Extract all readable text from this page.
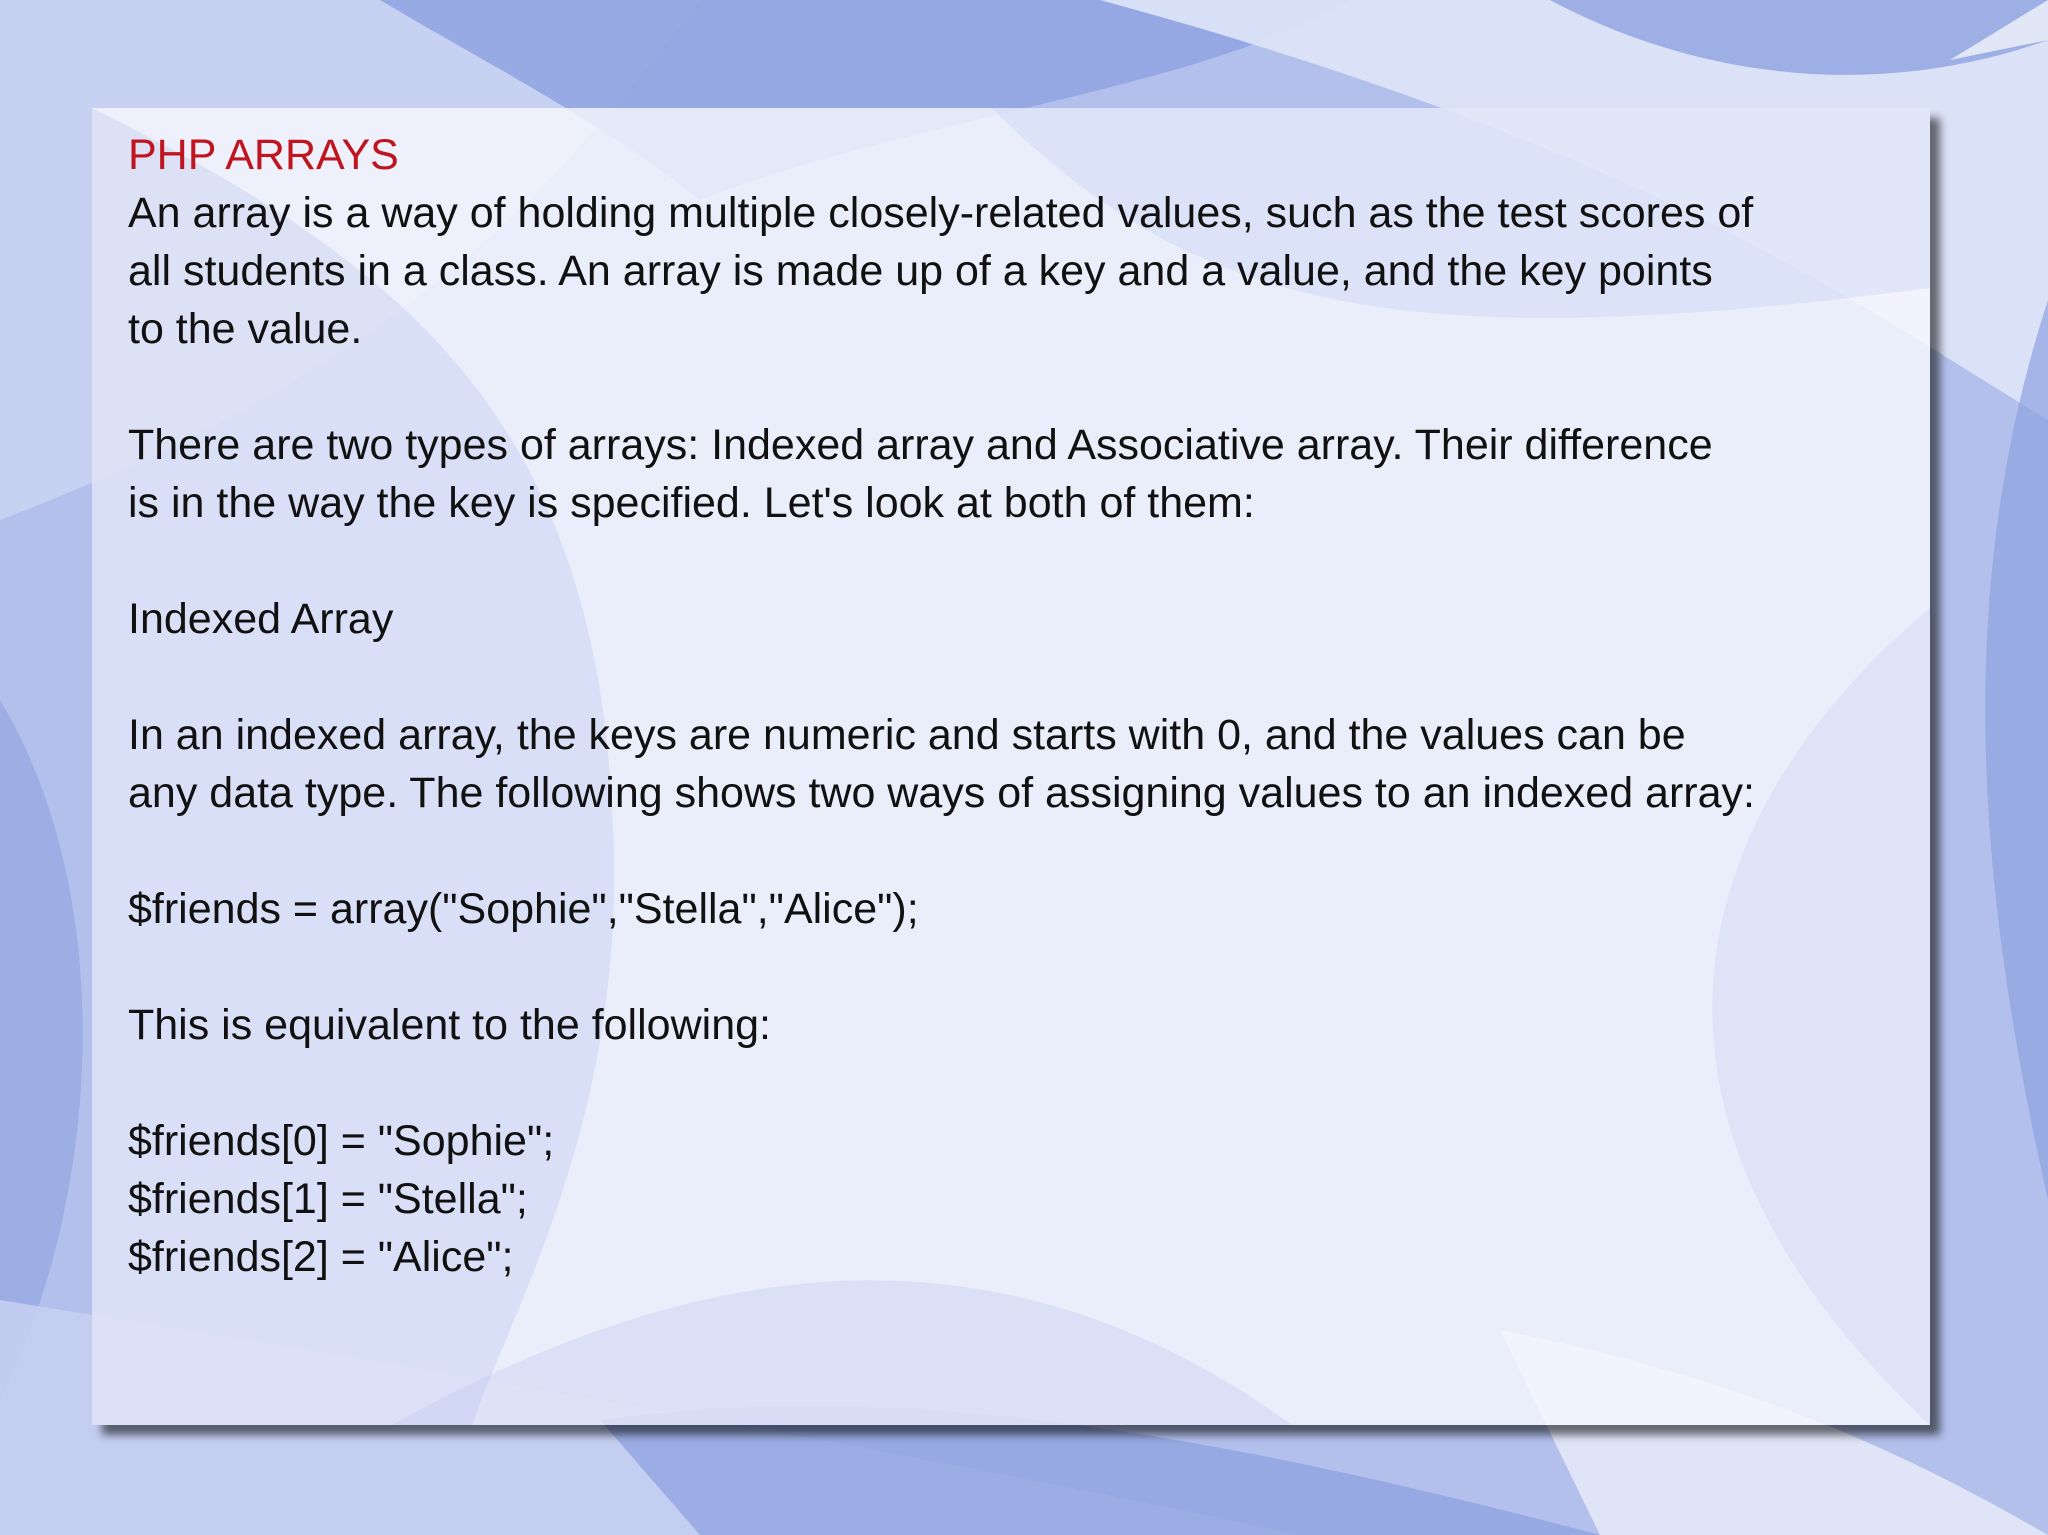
PHP ARRAYS
An array is a way of holding multiple closely-related values, such as the test scores of
all students in a class. An array is made up of a key and a value, and the key points
to the value.
There are two types of arrays: Indexed array and Associative array. Their difference
is in the way the key is specified. Let's look at both of them:
Indexed Array
In an indexed array, the keys are numeric and starts with 0, and the values can be
any data type. The following shows two ways of assigning values to an indexed array:
$friends = array("Sophie","Stella","Alice");
This is equivalent to the following:
$friends[0] = "Sophie";
$friends[1] = "Stella";
$friends[2] = "Alice";
